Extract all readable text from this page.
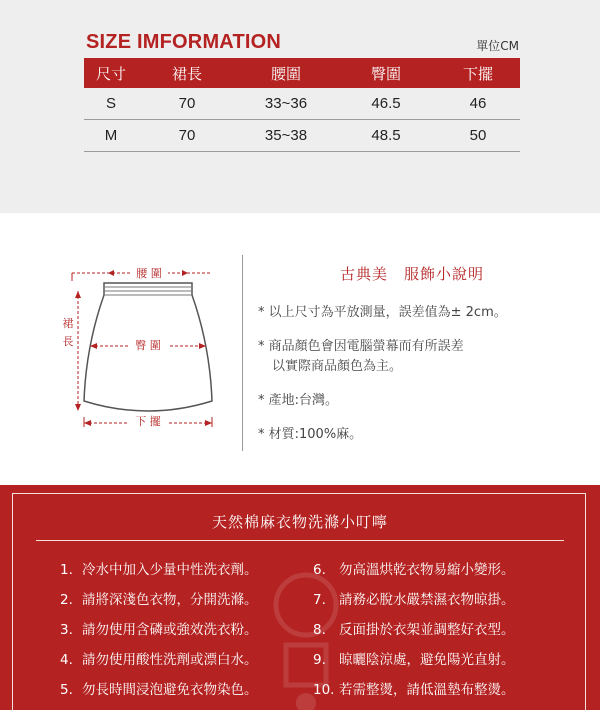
SIZE IMFORMATION	單位CM
尺寸	裙長	腰圍	臀圍	下擺
S	70	33~36	46.5	46
M	70	35~38	48.5	50
腰 圍
裙
長	臀 圍
下 擺
古典美　服飾小說明
* 以上尺寸為平放測量，誤差值為± 2cm。
* 商品顏色會因電腦螢幕而有所誤差
以實際商品顏色為主。
* 產地:台灣。
* 材質:100%麻。
天然棉麻衣物洗滌小叮嚀
1. 冷水中加入少量中性洗衣劑。
2. 請將深淺色衣物，分開洗滌。
3. 請勿使用含磷或強效洗衣粉。
4. 請勿使用酸性洗劑或漂白水。
5. 勿長時間浸泡避免衣物染色。
6. 勿高溫烘乾衣物易縮小變形。
7. 請務必脫水嚴禁濕衣物晾掛。
8. 反面掛於衣架並調整好衣型。
9. 晾曬陰涼處，避免陽光直射。
10. 若需整燙，請低溫墊布整燙。
